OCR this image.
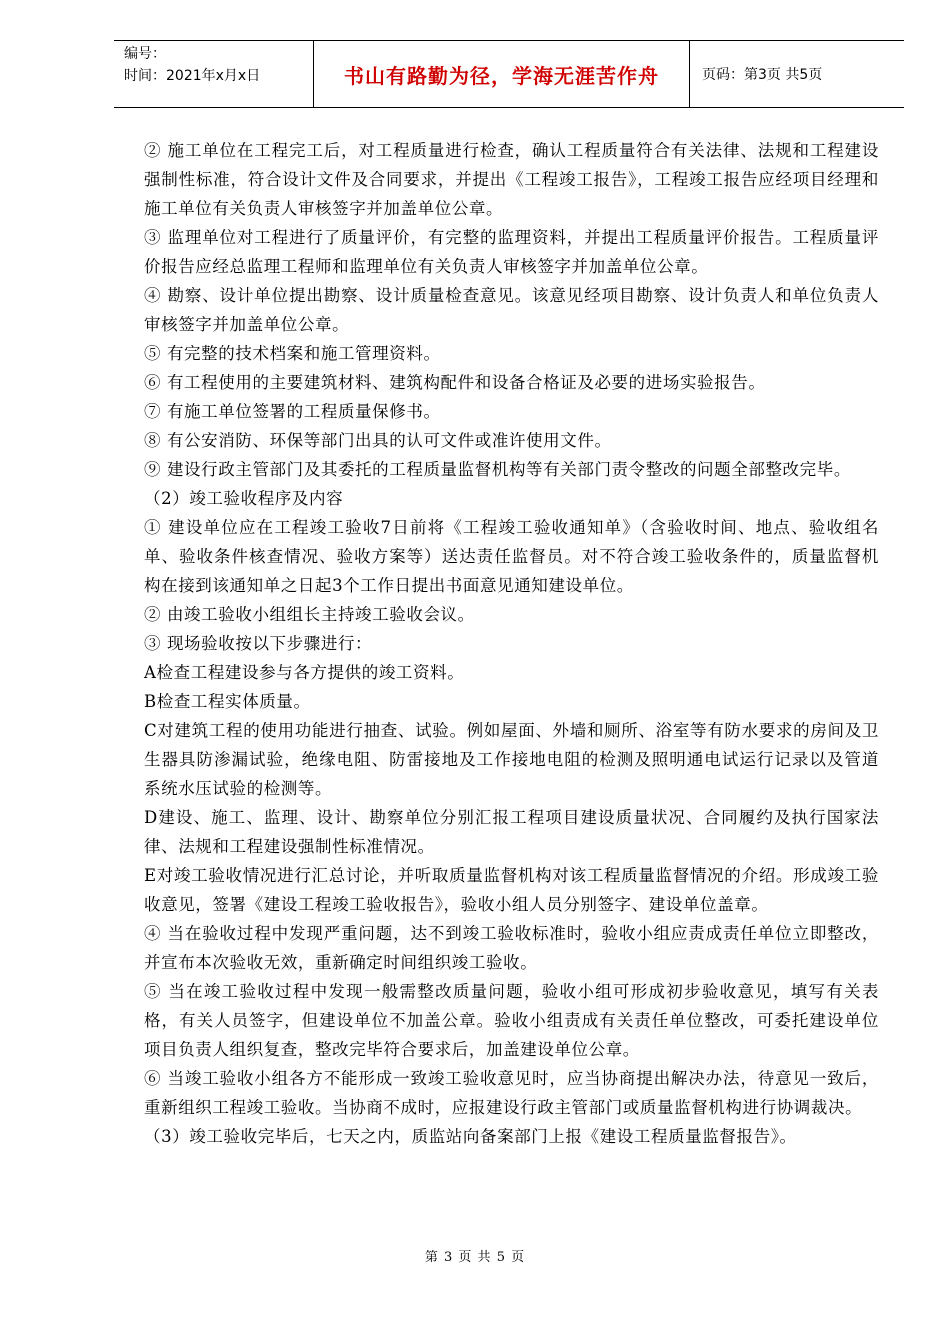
编号：
时间：2021年x月x日	书山有路勤为径，学海无涯苦作舟	页码：第3页 共5页

② 施工单位在工程完工后，对工程质量进行检查，确认工程质量符合有关法律、法规和工程建设强制性标准，符合设计文件及合同要求，并提出《工程竣工报告》，工程竣工报告应经项目经理和施工单位有关负责人审核签字并加盖单位公章。

③ 监理单位对工程进行了质量评价，有完整的监理资料，并提出工程质量评价报告。工程质量评价报告应经总监理工程师和监理单位有关负责人审核签字并加盖单位公章。

④ 勘察、设计单位提出勘察、设计质量检查意见。该意见经项目勘察、设计负责人和单位负责人审核签字并加盖单位公章。

⑤ 有完整的技术档案和施工管理资料。

⑥ 有工程使用的主要建筑材料、建筑构配件和设备合格证及必要的进场实验报告。

⑦ 有施工单位签署的工程质量保修书。

⑧ 有公安消防、环保等部门出具的认可文件或准许使用文件。

⑨ 建设行政主管部门及其委托的工程质量监督机构等有关部门责令整改的问题全部整改完毕。

（2）竣工验收程序及内容

① 建设单位应在工程竣工验收7日前将《工程竣工验收通知单》（含验收时间、地点、验收组名单、验收条件核查情况、验收方案等）送达责任监督员。对不符合竣工验收条件的，质量监督机构在接到该通知单之日起3个工作日提出书面意见通知建设单位。

② 由竣工验收小组组长主持竣工验收会议。

③ 现场验收按以下步骤进行：

A检查工程建设参与各方提供的竣工资料。

B检查工程实体质量。

C对建筑工程的使用功能进行抽查、试验。例如屋面、外墙和厕所、浴室等有防水要求的房间及卫生器具防渗漏试验，绝缘电阻、防雷接地及工作接地电阻的检测及照明通电试运行记录以及管道系统水压试验的检测等。

D建设、施工、监理、设计、勘察单位分别汇报工程项目建设质量状况、合同履约及执行国家法律、法规和工程建设强制性标准情况。

E对竣工验收情况进行汇总讨论，并听取质量监督机构对该工程质量监督情况的介绍。形成竣工验收意见，签署《建设工程竣工验收报告》，验收小组人员分别签字、建设单位盖章。

④ 当在验收过程中发现严重问题，达不到竣工验收标准时，验收小组应责成责任单位立即整改，并宣布本次验收无效，重新确定时间组织竣工验收。

⑤ 当在竣工验收过程中发现一般需整改质量问题，验收小组可形成初步验收意见，填写有关表格，有关人员签字，但建设单位不加盖公章。验收小组责成有关责任单位整改，可委托建设单位项目负责人组织复查，整改完毕符合要求后，加盖建设单位公章。

⑥ 当竣工验收小组各方不能形成一致竣工验收意见时，应当协商提出解决办法，待意见一致后，重新组织工程竣工验收。当协商不成时，应报建设行政主管部门或质量监督机构进行协调裁决。

（3）竣工验收完毕后，七天之内，质监站向备案部门上报《建设工程质量监督报告》。

第 3 页 共 5 页
